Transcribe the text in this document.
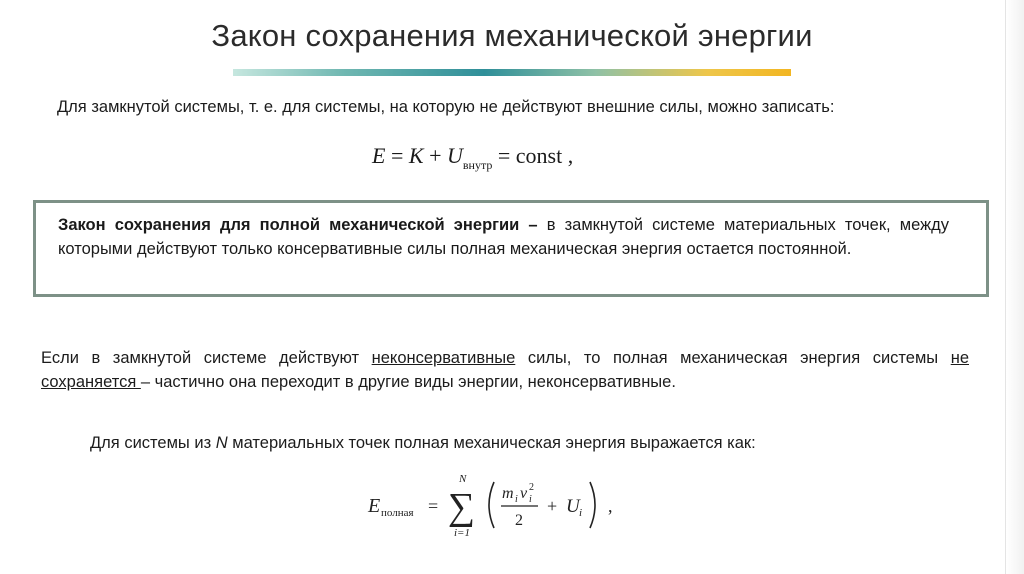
Закон сохранения механической энергии
Для замкнутой системы, т. е. для системы, на которую не действуют внешние силы, можно записать:
$E = K + U_{внутр}$ = const ,
Закон сохранения для полной механической энергии – в замкнутой системе материальных точек, между которыми действуют только консервативные силы полная механическая энергия остается постоянной.
Если в замкнутой системе действуют неконсервативные силы, то полная механическая энергия системы не сохраняется – частично она переходит в другие виды энергии, неконсервативные.
Для системы из N материальных точек полная механическая энергия выражается как:
E полная =
N
∑
i=1
m i v 2
i
2
+ U i ,
